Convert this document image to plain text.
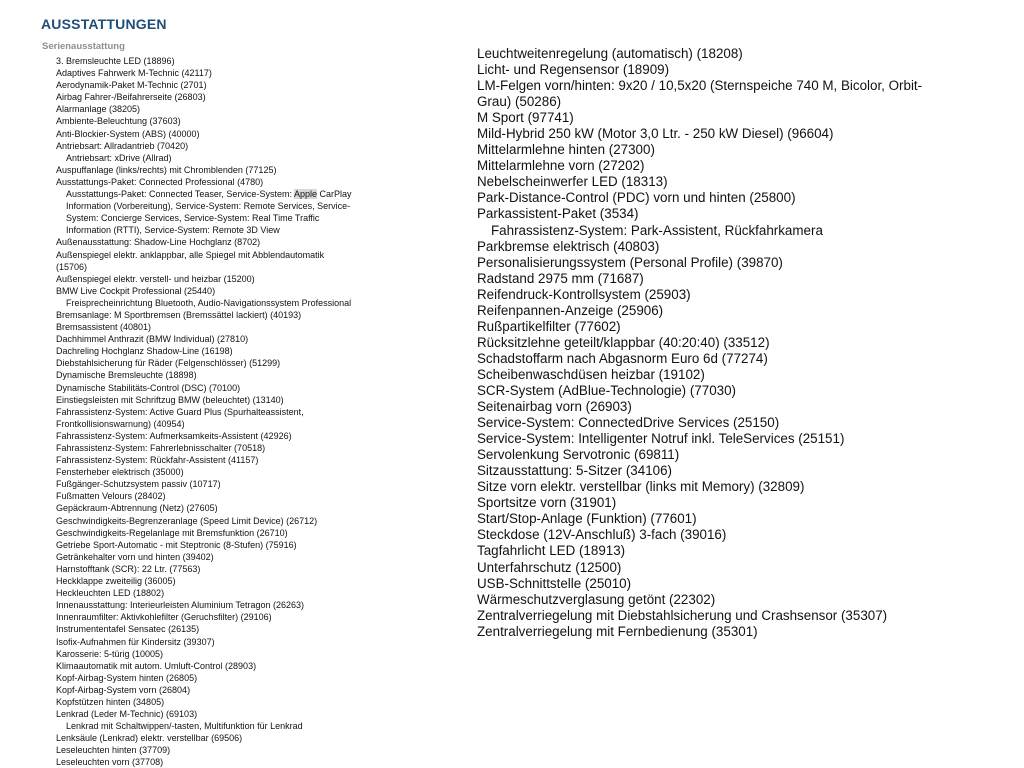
AUSSTATTUNGEN
Serienausstattung
3. Bremsleuchte LED (18896)
Adaptives Fahrwerk M-Technic (42117)
Aerodynamik-Paket M-Technic (2701)
Airbag Fahrer-/Beifahrerseite (26803)
Alarmanlage (38205)
Ambiente-Beleuchtung (37603)
Anti-Blockier-System (ABS) (40000)
Antriebsart: Allradantrieb (70420)
Antriebsart: xDrive (Allrad)
Auspuffanlage (links/rechts) mit Chromblenden (77125)
Ausstattungs-Paket: Connected Professional (4780)
Ausstattungs-Paket: Connected Teaser, Service-System: Apple CarPlay
Information (Vorbereitung), Service-System: Remote Services, Service-
System: Concierge Services, Service-System: Real Time Traffic
Information (RTTI), Service-System: Remote 3D View
Außenausstattung: Shadow-Line Hochglanz (8702)
Außenspiegel elektr. anklappbar, alle Spiegel mit Abblendautomatik
(15706)
Außenspiegel elektr. verstell- und heizbar (15200)
BMW Live Cockpit Professional (25440)
Freisprecheinrichtung Bluetooth, Audio-Navigationssystem Professional
Bremsanlage: M Sportbremsen (Bremssättel lackiert) (40193)
Bremsassistent (40801)
Dachhimmel Anthrazit (BMW Individual) (27810)
Dachreling Hochglanz Shadow-Line (16198)
Diebstahlsicherung für Räder (Felgenschlösser) (51299)
Dynamische Bremsleuchte (18898)
Dynamische Stabilitäts-Control (DSC) (70100)
Einstiegsleisten mit Schriftzug BMW (beleuchtet) (13140)
Fahrassistenz-System: Active Guard Plus (Spurhalteassistent,
Frontkollisionswarnung) (40954)
Fahrassistenz-System: Aufmerksamkeits-Assistent (42926)
Fahrassistenz-System: Fahrerlebnisschalter (70518)
Fahrassistenz-System: Rückfahr-Assistent (41157)
Fensterheber elektrisch (35000)
Fußgänger-Schutzsystem passiv (10717)
Fußmatten Velours (28402)
Gepäckraum-Abtrennung (Netz) (27605)
Geschwindigkeits-Begrenzeranlage (Speed Limit Device) (26712)
Geschwindigkeits-Regelanlage mit Bremsfunktion (26710)
Getriebe Sport-Automatic - mit Steptronic (8-Stufen) (75916)
Getränkehalter vorn und hinten (39402)
Harnstofftank (SCR): 22 Ltr. (77563)
Heckklappe zweiteilig (36005)
Heckleuchten LED (18802)
Innenausstattung: Interieurleisten Aluminium Tetragon (26263)
Innenraumfilter: Aktivkohlefilter (Geruchsfilter) (29106)
Instrumententafel Sensatec (26135)
Isofix-Aufnahmen für Kindersitz (39307)
Karosserie: 5-türig (10005)
Klimaautomatik mit autom. Umluft-Control (28903)
Kopf-Airbag-System hinten (26805)
Kopf-Airbag-System vorn (26804)
Kopfstützen hinten (34805)
Lenkrad (Leder M-Technic) (69103)
Lenkrad mit Schaltwippen/-tasten, Multifunktion für Lenkrad
Lenksäule (Lenkrad) elektr. verstellbar (69506)
Leseleuchten hinten (37709)
Leseleuchten vorn (37708)
Leuchtweitenregelung (automatisch) (18208)
Licht- und Regensensor (18909)
LM-Felgen vorn/hinten: 9x20 / 10,5x20 (Sternspeiche 740 M, Bicolor, Orbit-
Grau) (50286)
M Sport (97741)
Mild-Hybrid 250 kW (Motor 3,0 Ltr. - 250 kW Diesel) (96604)
Mittelarmlehne hinten (27300)
Mittelarmlehne vorn (27202)
Nebelscheinwerfer LED (18313)
Park-Distance-Control (PDC) vorn und hinten (25800)
Parkassistent-Paket (3534)
Fahrassistenz-System: Park-Assistent, Rückfahrkamera
Parkbremse elektrisch (40803)
Personalisierungssystem (Personal Profile) (39870)
Radstand 2975 mm (71687)
Reifendruck-Kontrollsystem (25903)
Reifenpannen-Anzeige (25906)
Rußpartikelfilter (77602)
Rücksitzlehne geteilt/klappbar (40:20:40) (33512)
Schadstoffarm nach Abgasnorm Euro 6d (77274)
Scheibenwaschdüsen heizbar (19102)
SCR-System (AdBlue-Technologie) (77030)
Seitenairbag vorn (26903)
Service-System: ConnectedDrive Services (25150)
Service-System: Intelligenter Notruf inkl. TeleServices (25151)
Servolenkung Servotronic (69811)
Sitzausstattung: 5-Sitzer (34106)
Sitze vorn elektr. verstellbar (links mit Memory) (32809)
Sportsitze vorn (31901)
Start/Stop-Anlage (Funktion) (77601)
Steckdose (12V-Anschluß) 3-fach (39016)
Tagfahrlicht LED (18913)
Unterfahrschutz (12500)
USB-Schnittstelle (25010)
Wärmeschutzverglasung getönt (22302)
Zentralverriegelung mit Diebstahlsicherung und Crashsensor (35307)
Zentralverriegelung mit Fernbedienung (35301)
